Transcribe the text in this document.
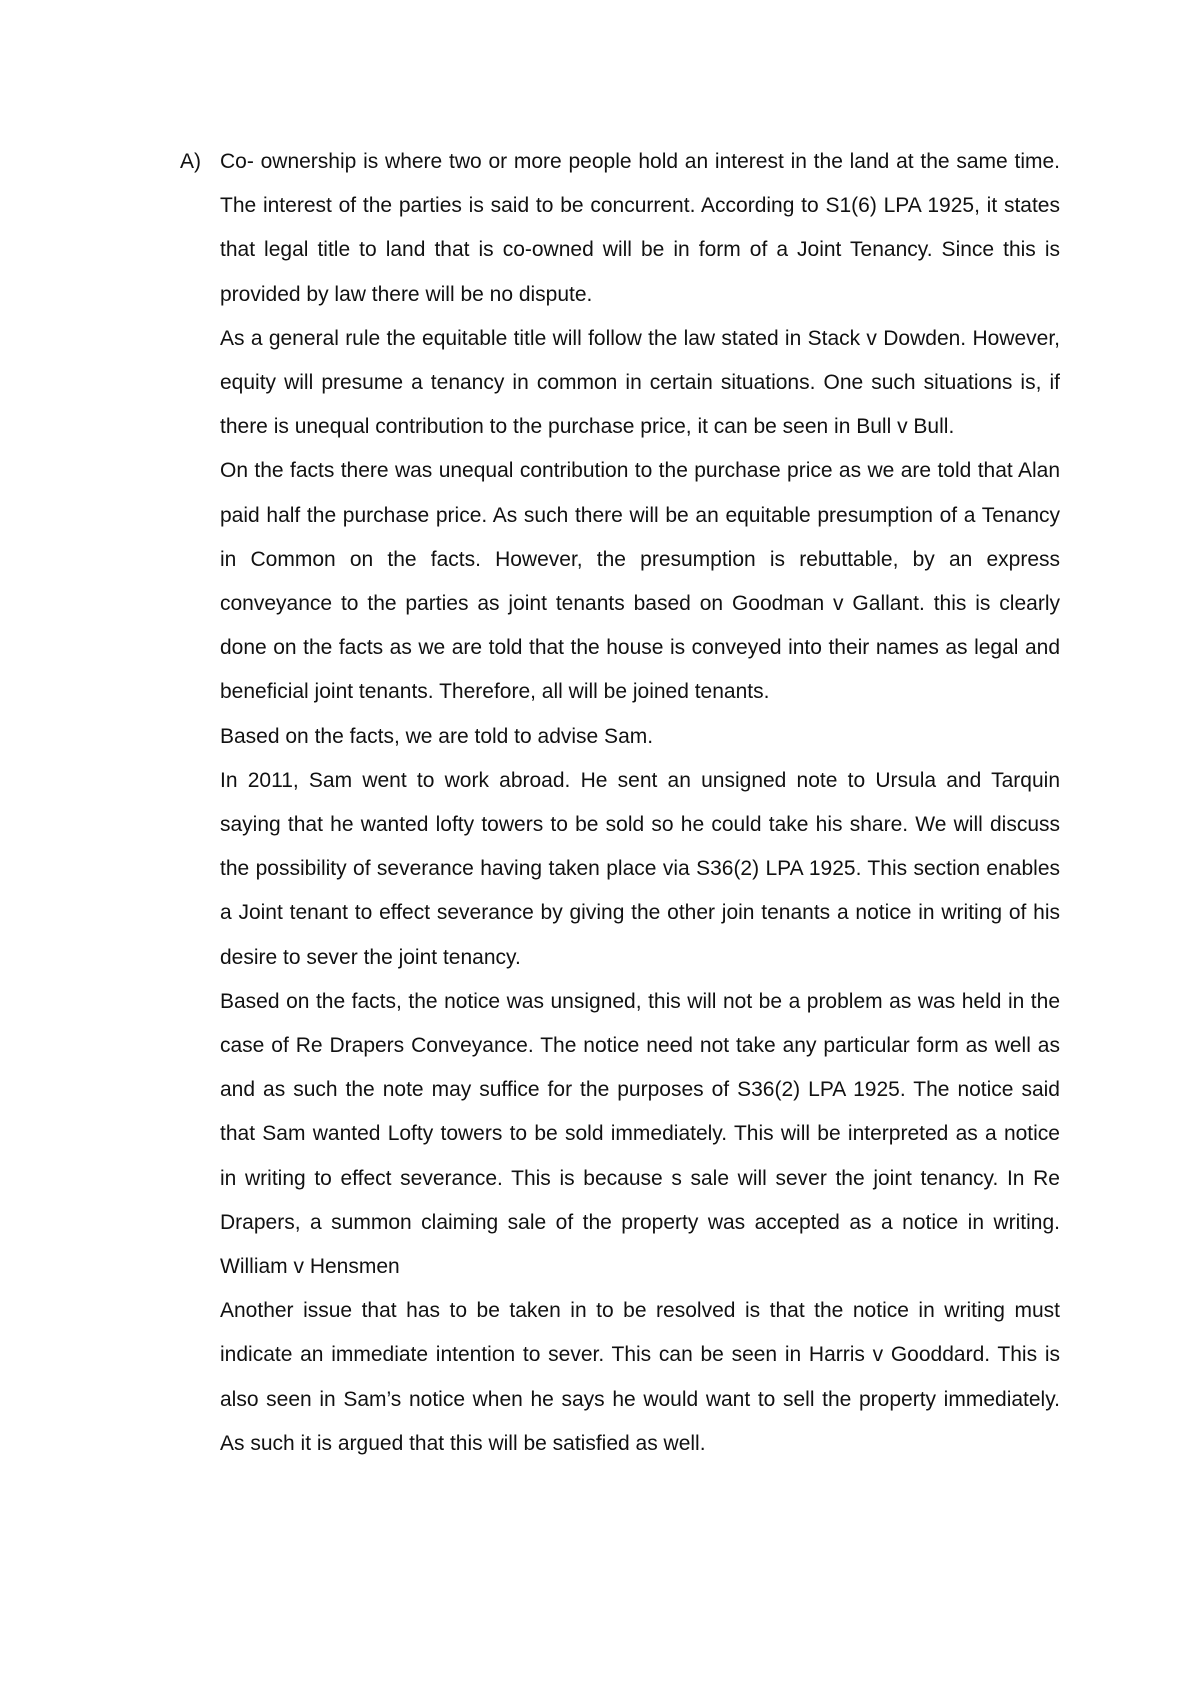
A) Co- ownership is where two or more people hold an interest in the land at the same time. The interest of the parties is said to be concurrent. According to S1(6) LPA 1925, it states that legal title to land that is co-owned will be in form of a Joint Tenancy. Since this is provided by law there will be no dispute.

As a general rule the equitable title will follow the law stated in Stack v Dowden. However, equity will presume a tenancy in common in certain situations. One such situations is, if there is unequal contribution to the purchase price, it can be seen in Bull v Bull.

On the facts there was unequal contribution to the purchase price as we are told that Alan paid half the purchase price. As such there will be an equitable presumption of a Tenancy in Common on the facts. However, the presumption is rebuttable, by an express conveyance to the parties as joint tenants based on Goodman v Gallant. this is clearly done on the facts as we are told that the house is conveyed into their names as legal and beneficial joint tenants. Therefore, all will be joined tenants.

Based on the facts, we are told to advise Sam.

In 2011, Sam went to work abroad. He sent an unsigned note to Ursula and Tarquin saying that he wanted lofty towers to be sold so he could take his share. We will discuss the possibility of severance having taken place via S36(2) LPA 1925. This section enables a Joint tenant to effect severance by giving the other join tenants a notice in writing of his desire to sever the joint tenancy.

Based on the facts, the notice was unsigned, this will not be a problem as was held in the case of Re Drapers Conveyance. The notice need not take any particular form as well as and as such the note may suffice for the purposes of S36(2) LPA 1925. The notice said that Sam wanted Lofty towers to be sold immediately. This will be interpreted as a notice in writing to effect severance. This is because s sale will sever the joint tenancy. In Re Drapers, a summon claiming sale of the property was accepted as a notice in writing. William v Hensmen

Another issue that has to be taken in to be resolved is that the notice in writing must indicate an immediate intention to sever. This can be seen in Harris v Gooddard. This is also seen in Sam’s notice when he says he would want to sell the property immediately. As such it is argued that this will be satisfied as well.
